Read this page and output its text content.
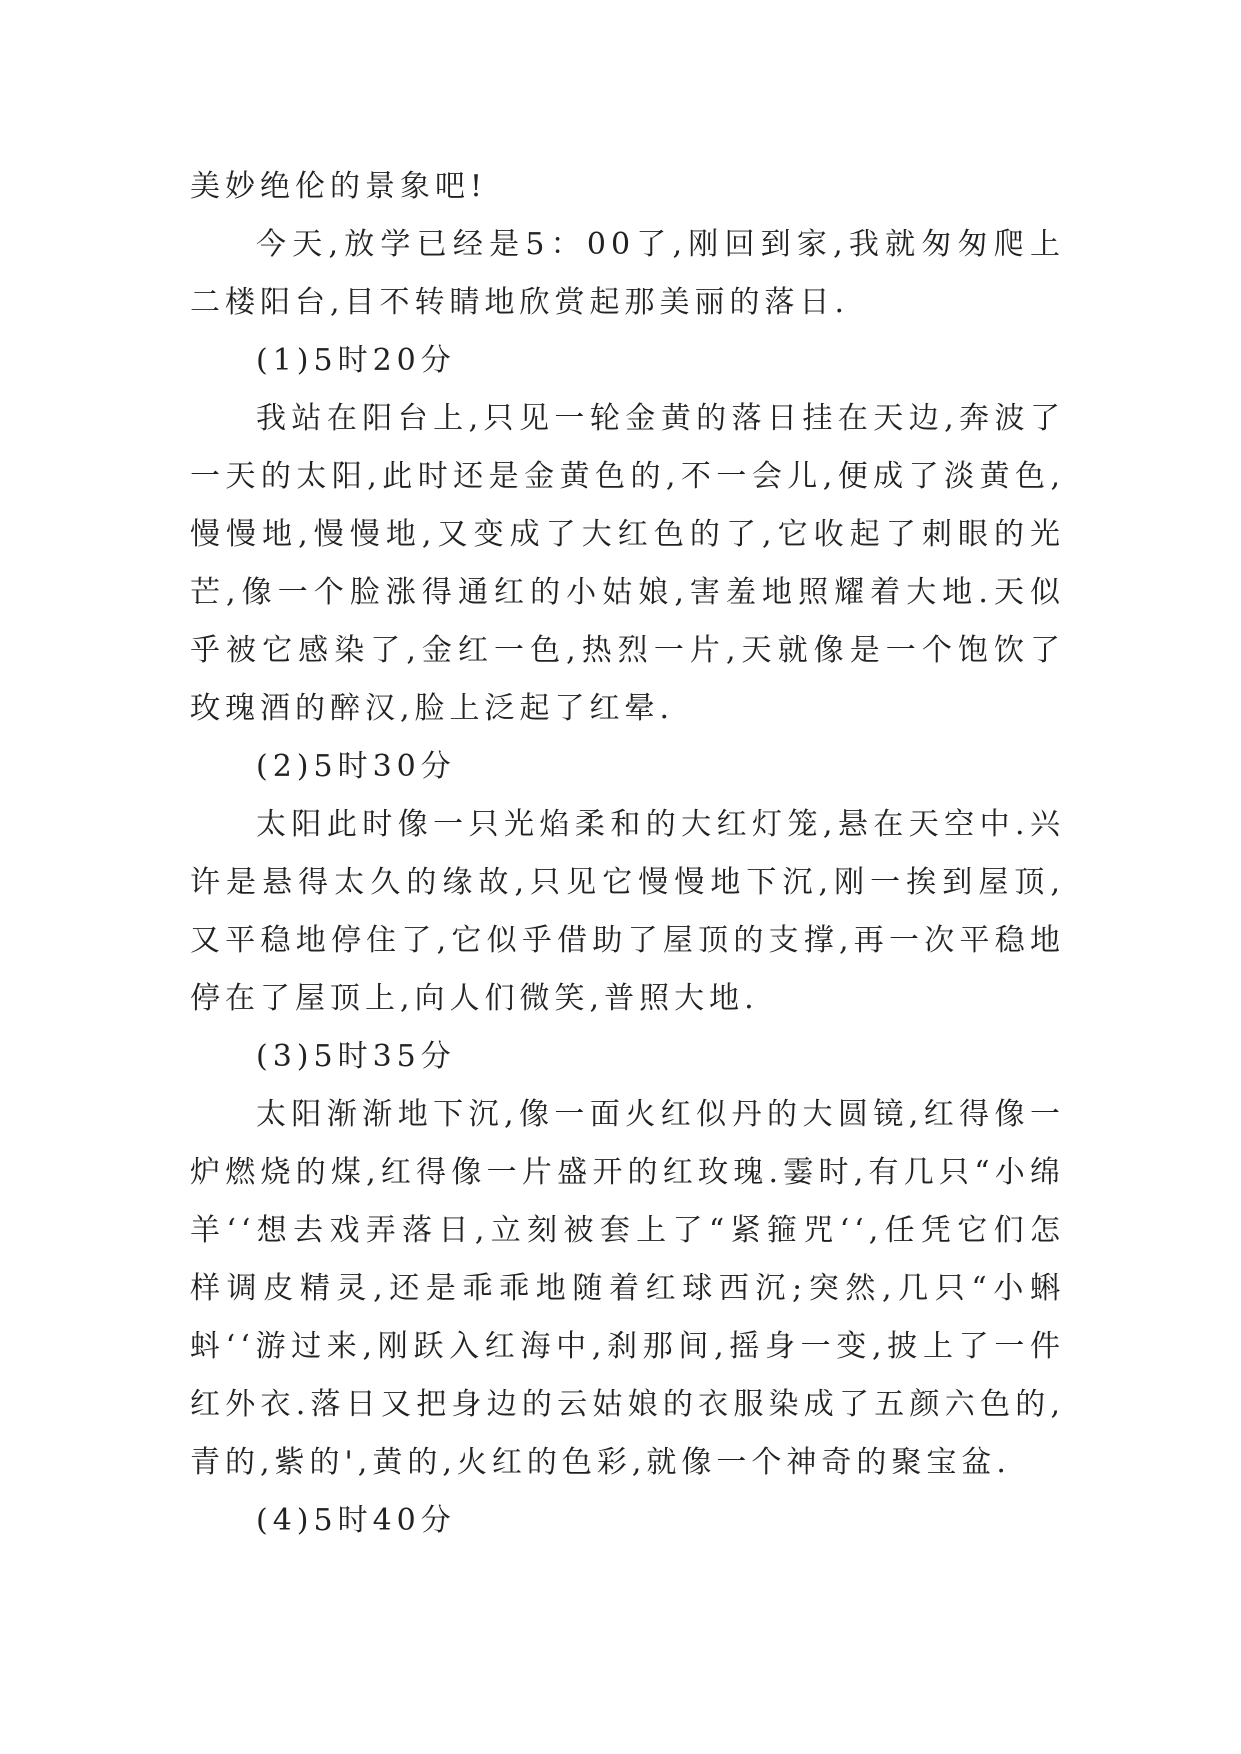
美妙绝伦的景象吧!

今天,放学已经是5：00了,刚回到家,我就匆匆爬上二楼阳台,目不转睛地欣赏起那美丽的落日.

(1)5时20分

我站在阳台上,只见一轮金黄的落日挂在天边,奔波了一天的太阳,此时还是金黄色的,不一会儿,便成了淡黄色,慢慢地,慢慢地,又变成了大红色的了,它收起了刺眼的光芒,像一个脸涨得通红的小姑娘,害羞地照耀着大地.天似乎被它感染了,金红一色,热烈一片,天就像是一个饱饮了玫瑰酒的醉汉,脸上泛起了红晕.

(2)5时30分

太阳此时像一只光焰柔和的大红灯笼,悬在天空中.兴许是悬得太久的缘故,只见它慢慢地下沉,刚一挨到屋顶,又平稳地停住了,它似乎借助了屋顶的支撑,再一次平稳地停在了屋顶上,向人们微笑,普照大地.

(3)5时35分

太阳渐渐地下沉,像一面火红似丹的大圆镜,红得像一炉燃烧的煤,红得像一片盛开的红玫瑰.霎时,有几只“小绵羊‘‘想去戏弄落日,立刻被套上了“紧箍咒‘‘,任凭它们怎样调皮精灵,还是乖乖地随着红球西沉;突然,几只“小蝌蚪‘‘游过来,刚跃入红海中,刹那间,摇身一变,披上了一件红外衣.落日又把身边的云姑娘的衣服染成了五颜六色的,青的,紫的',黄的,火红的色彩,就像一个神奇的聚宝盆.

(4)5时40分
